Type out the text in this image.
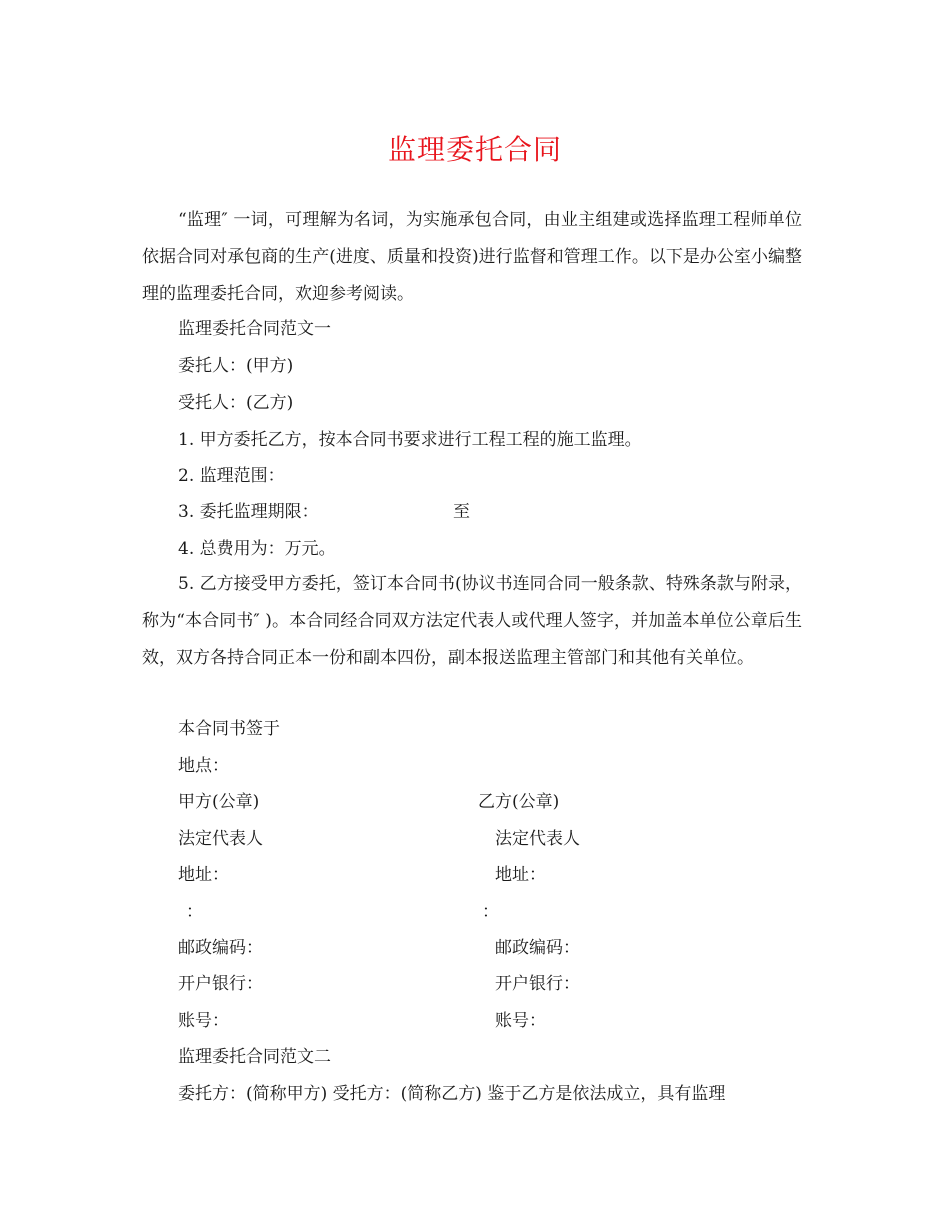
监理委托合同
“监理″ 一词，可理解为名词，为实施承包合同，由业主组建或选择监理工程师单位依据合同对承包商的生产(进度、质量和投资)进行监督和管理工作。以下是办公室小编整理的监理委托合同，欢迎参考阅读。
监理委托合同范文一
委托人：(甲方)
受托人：(乙方)
1. 甲方委托乙方，按本合同书要求进行工程工程的施工监理。
2. 监理范围：
3. 委托监理期限：	至
4. 总费用为：万元。
5. 乙方接受甲方委托，签订本合同书(协议书连同合同一般条款、特殊条款与附录，称为“本合同书″ )。本合同经合同双方法定代表人或代理人签字，并加盖本单位公章后生效，双方各持合同正本一份和副本四份，副本报送监理主管部门和其他有关单位。
本合同书签于
地点：
甲方(公章)
法定代表人
地址：
：
邮政编码：
开户银行：
账号：
乙方(公章)
法定代表人
地址：
：
邮政编码：
开户银行：
账号：
监理委托合同范文二
委托方：(简称甲方) 受托方：(简称乙方) 鉴于乙方是依法成立，具有监理
